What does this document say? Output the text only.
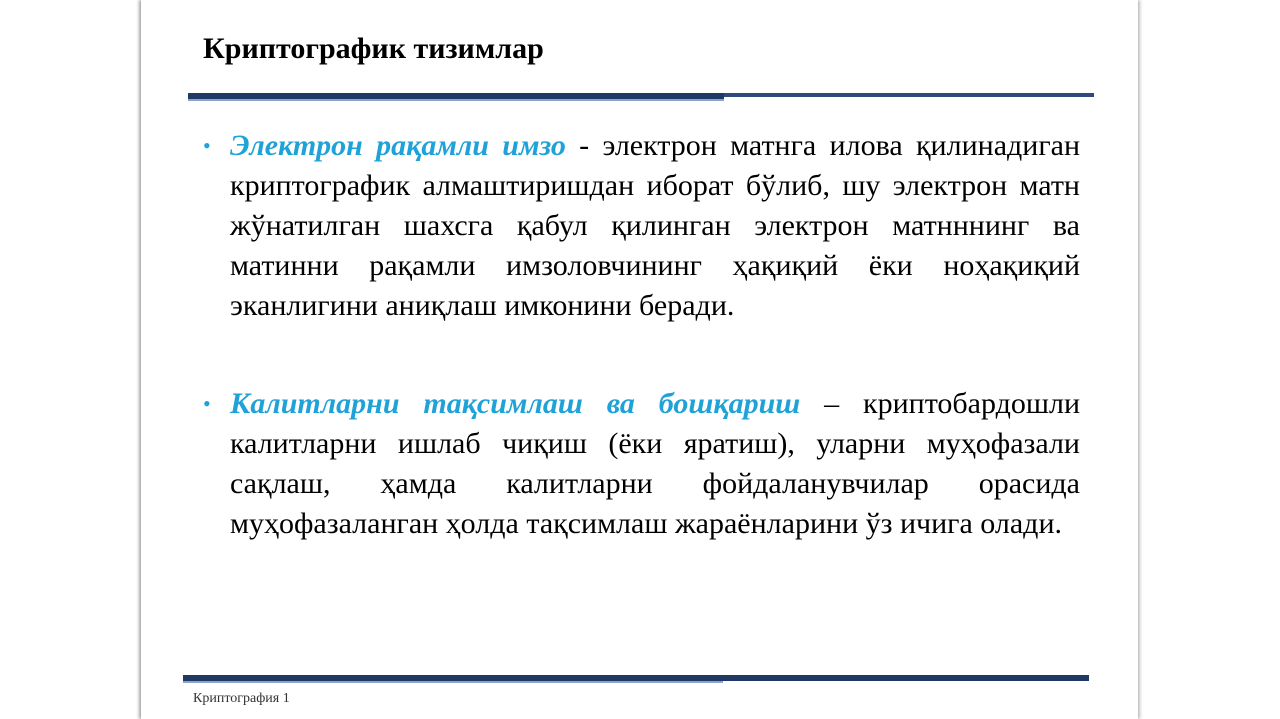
Криптографик тизимлар
• Электрон рақамли имзо - электрон матнга илова қилинадиган криптографик алмаштиришдан иборат бўлиб, шу электрон матн жўнатилган шахсга қабул қилинган электрон матнннинг ва матинни рақамли имзоловчининг ҳақиқий ёки ноҳақиқий эканлигини аниқлаш имконини беради.
• Калитларни тақсимлаш ва бошқариш – криптобардошли калитларни ишлаб чиқиш (ёки яратиш), уларни муҳофазали сақлаш, ҳамда калитларни фойдаланувчилар орасида муҳофазаланган ҳолда тақсимлаш жараёнларини ўз ичига олади.
Криптография 1
